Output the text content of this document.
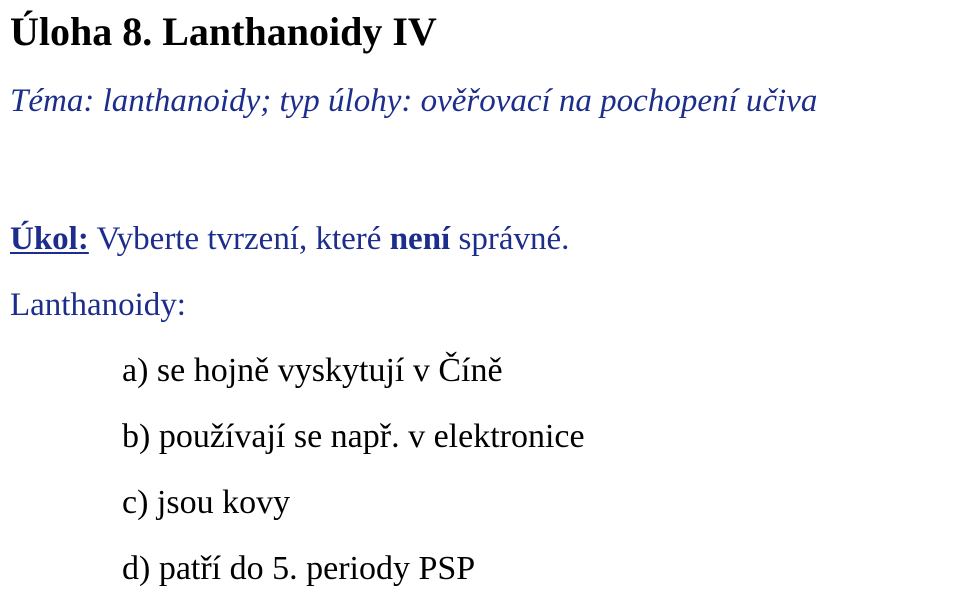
Úloha 8. Lanthanoidy IV
Téma: lanthanoidy; typ úlohy: ověřovací na pochopení učiva
Úkol: Vyberte tvrzení, které není správné.
Lanthanoidy:
a) se hojně vyskytují v Číně
b) používají se např. v elektronice
c) jsou kovy
d) patří do 5. periody PSP
